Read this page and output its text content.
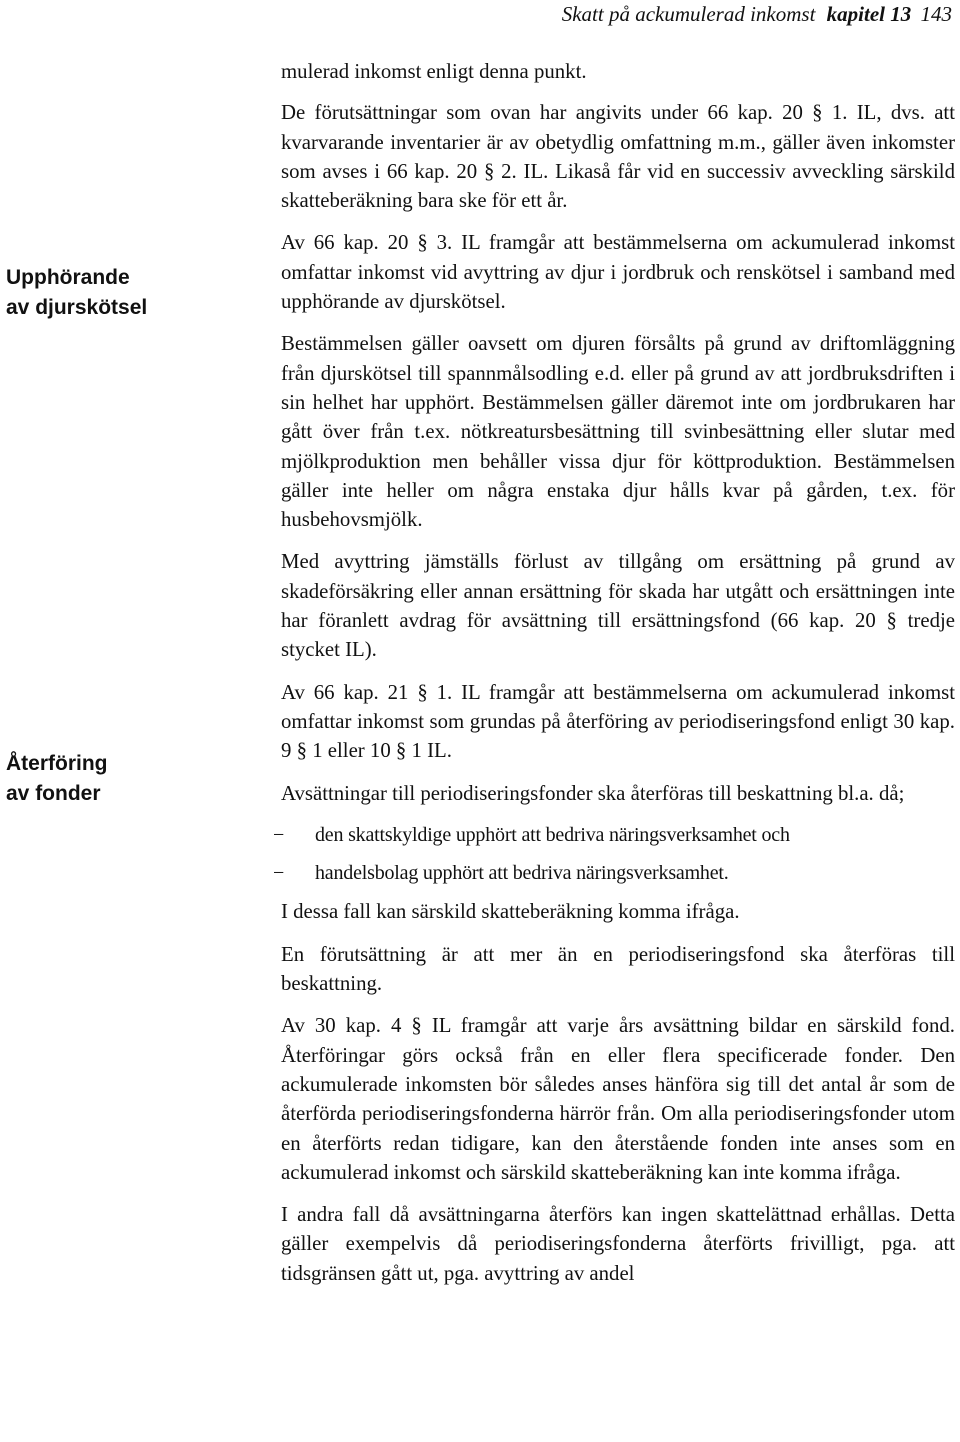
Skatt på ackumulerad inkomst kapitel 13 143
Upphörande
av djurskötsel
Återföring
av fonder

mulerad inkomst enligt denna punkt.

De förutsättningar som ovan har angivits under 66 kap. 20 § 1. IL, dvs. att kvarvarande inventarier är av obetydlig omfattning m.m., gäller även inkomster som avses i 66 kap. 20 § 2. IL. Likaså får vid en successiv avveckling särskild skatteberäkning bara ske för ett år.

Av 66 kap. 20 § 3. IL framgår att bestämmelserna om ackumulerad inkomst omfattar inkomst vid avyttring av djur i jordbruk och renskötsel i samband med upphörande av djurskötsel.

Bestämmelsen gäller oavsett om djuren försålts på grund av driftomläggning från djurskötsel till spannmålsodling e.d. eller på grund av att jordbruksdriften i sin helhet har upphört. Bestämmelsen gäller däremot inte om jordbrukaren har gått över från t.ex. nötkreatursbesättning till svinbesättning eller slutar med mjölkproduktion men behåller vissa djur för köttproduktion. Bestämmelsen gäller inte heller om några enstaka djur hålls kvar på gården, t.ex. för husbehovsmjölk.

Med avyttring jämställs förlust av tillgång om ersättning på grund av skadeförsäkring eller annan ersättning för skada har utgått och ersättningen inte har föranlett avdrag för avsättning till ersättningsfond (66 kap. 20 § tredje stycket IL).

Av 66 kap. 21 § 1. IL framgår att bestämmelserna om ackumulerad inkomst omfattar inkomst som grundas på återföring av periodiseringsfond enligt 30 kap. 9 § 1 eller 10 § 1 IL.

Avsättningar till periodiseringsfonder ska återföras till beskattning bl.a. då;

− den skattskyldige upphört att bedriva näringsverksamhet och
− handelsbolag upphört att bedriva näringsverksamhet.

I dessa fall kan särskild skatteberäkning komma ifråga.

En förutsättning är att mer än en periodiseringsfond ska återföras till beskattning.

Av 30 kap. 4 § IL framgår att varje års avsättning bildar en särskild fond. Återföringar görs också från en eller flera specificerade fonder. Den ackumulerade inkomsten bör således anses hänföra sig till det antal år som de återförda periodiseringsfonderna härrör från. Om alla periodiseringsfonder utom en återförts redan tidigare, kan den återstående fonden inte anses som en ackumulerad inkomst och särskild skatteberäkning kan inte komma ifråga.

I andra fall då avsättningarna återförs kan ingen skattelättnad erhållas. Detta gäller exempelvis då periodiseringsfonderna återförts frivilligt, pga. att tidsgränsen gått ut, pga. avyttring av andel
